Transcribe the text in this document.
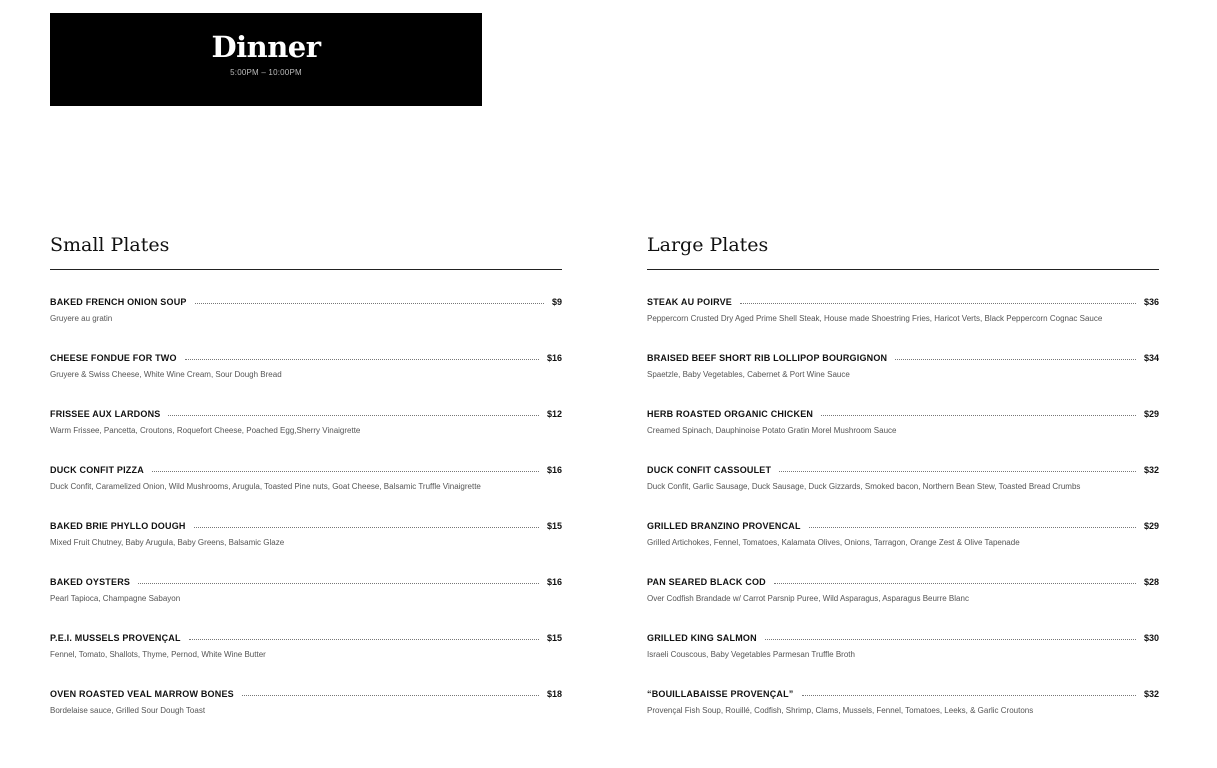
Dinner
5:00PM – 10:00PM
Small Plates
BAKED FRENCH ONION SOUP	$9
Gruyere au gratin
CHEESE FONDUE FOR TWO	$16
Gruyere & Swiss Cheese, White Wine Cream, Sour Dough Bread
FRISSEE AUX LARDONS	$12
Warm Frissee, Pancetta, Croutons, Roquefort Cheese, Poached Egg,Sherry Vinaigrette
DUCK CONFIT PIZZA	$16
Duck Confit, Caramelized Onion, Wild Mushrooms, Arugula, Toasted Pine nuts, Goat Cheese, Balsamic Truffle Vinaigrette
BAKED BRIE PHYLLO DOUGH	$15
Mixed Fruit Chutney, Baby Arugula, Baby Greens, Balsamic Glaze
BAKED OYSTERS	$16
Pearl Tapioca, Champagne Sabayon
P.E.I. MUSSELS PROVENÇAL	$15
Fennel, Tomato, Shallots, Thyme, Pernod, White Wine Butter
OVEN ROASTED VEAL MARROW BONES	$18
Bordelaise sauce, Grilled Sour Dough Toast
Large Plates
STEAK AU POIRVE	$36
Peppercorn Crusted Dry Aged Prime Shell Steak, House made Shoestring Fries, Haricot Verts, Black Peppercorn Cognac Sauce
BRAISED BEEF SHORT RIB LOLLIPOP BOURGIGNON	$34
Spaetzle, Baby Vegetables, Cabernet & Port Wine Sauce
HERB ROASTED ORGANIC CHICKEN	$29
Creamed Spinach, Dauphinoise Potato Gratin Morel Mushroom Sauce
DUCK CONFIT CASSOULET	$32
Duck Confit, Garlic Sausage, Duck Sausage, Duck Gizzards, Smoked bacon, Northern Bean Stew, Toasted Bread Crumbs
GRILLED BRANZINO PROVENCAL	$29
Grilled Artichokes, Fennel, Tomatoes, Kalamata Olives, Onions, Tarragon, Orange Zest & Olive Tapenade
PAN SEARED BLACK COD	$28
Over Codfish Brandade w/ Carrot Parsnip Puree, Wild Asparagus, Asparagus Beurre Blanc
GRILLED KING SALMON	$30
Israeli Couscous, Baby Vegetables Parmesan Truffle Broth
“BOUILLABAISSE PROVENÇAL”	$32
Provençal Fish Soup, Rouillé, Codfish, Shrimp, Clams, Mussels, Fennel, Tomatoes, Leeks, & Garlic Croutons
